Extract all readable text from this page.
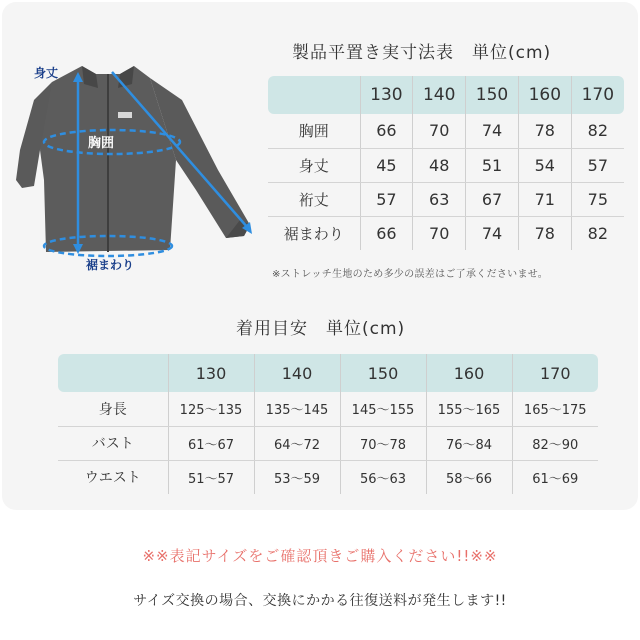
身丈
胸囲
裾まわり
製品平置き実寸法表　単位(cm)
	130	140	150	160	170
胸囲	66	70	74	78	82
身丈	45	48	51	54	57
裄丈	57	63	67	71	75
裾まわり	66	70	74	78	82
※ストレッチ生地のため多少の誤差はご了承くださいませ。
着用目安　単位(cm)
	130	140	150	160	170
身長	125〜135	135〜145	145〜155	155〜165	165〜175
バスト	61〜67	64〜72	70〜78	76〜84	82〜90
ウエスト	51〜57	53〜59	56〜63	58〜66	61〜69
※※表記サイズをご確認頂きご購入ください!!※※
サイズ交換の場合、交換にかかる往復送料が発生します!!
